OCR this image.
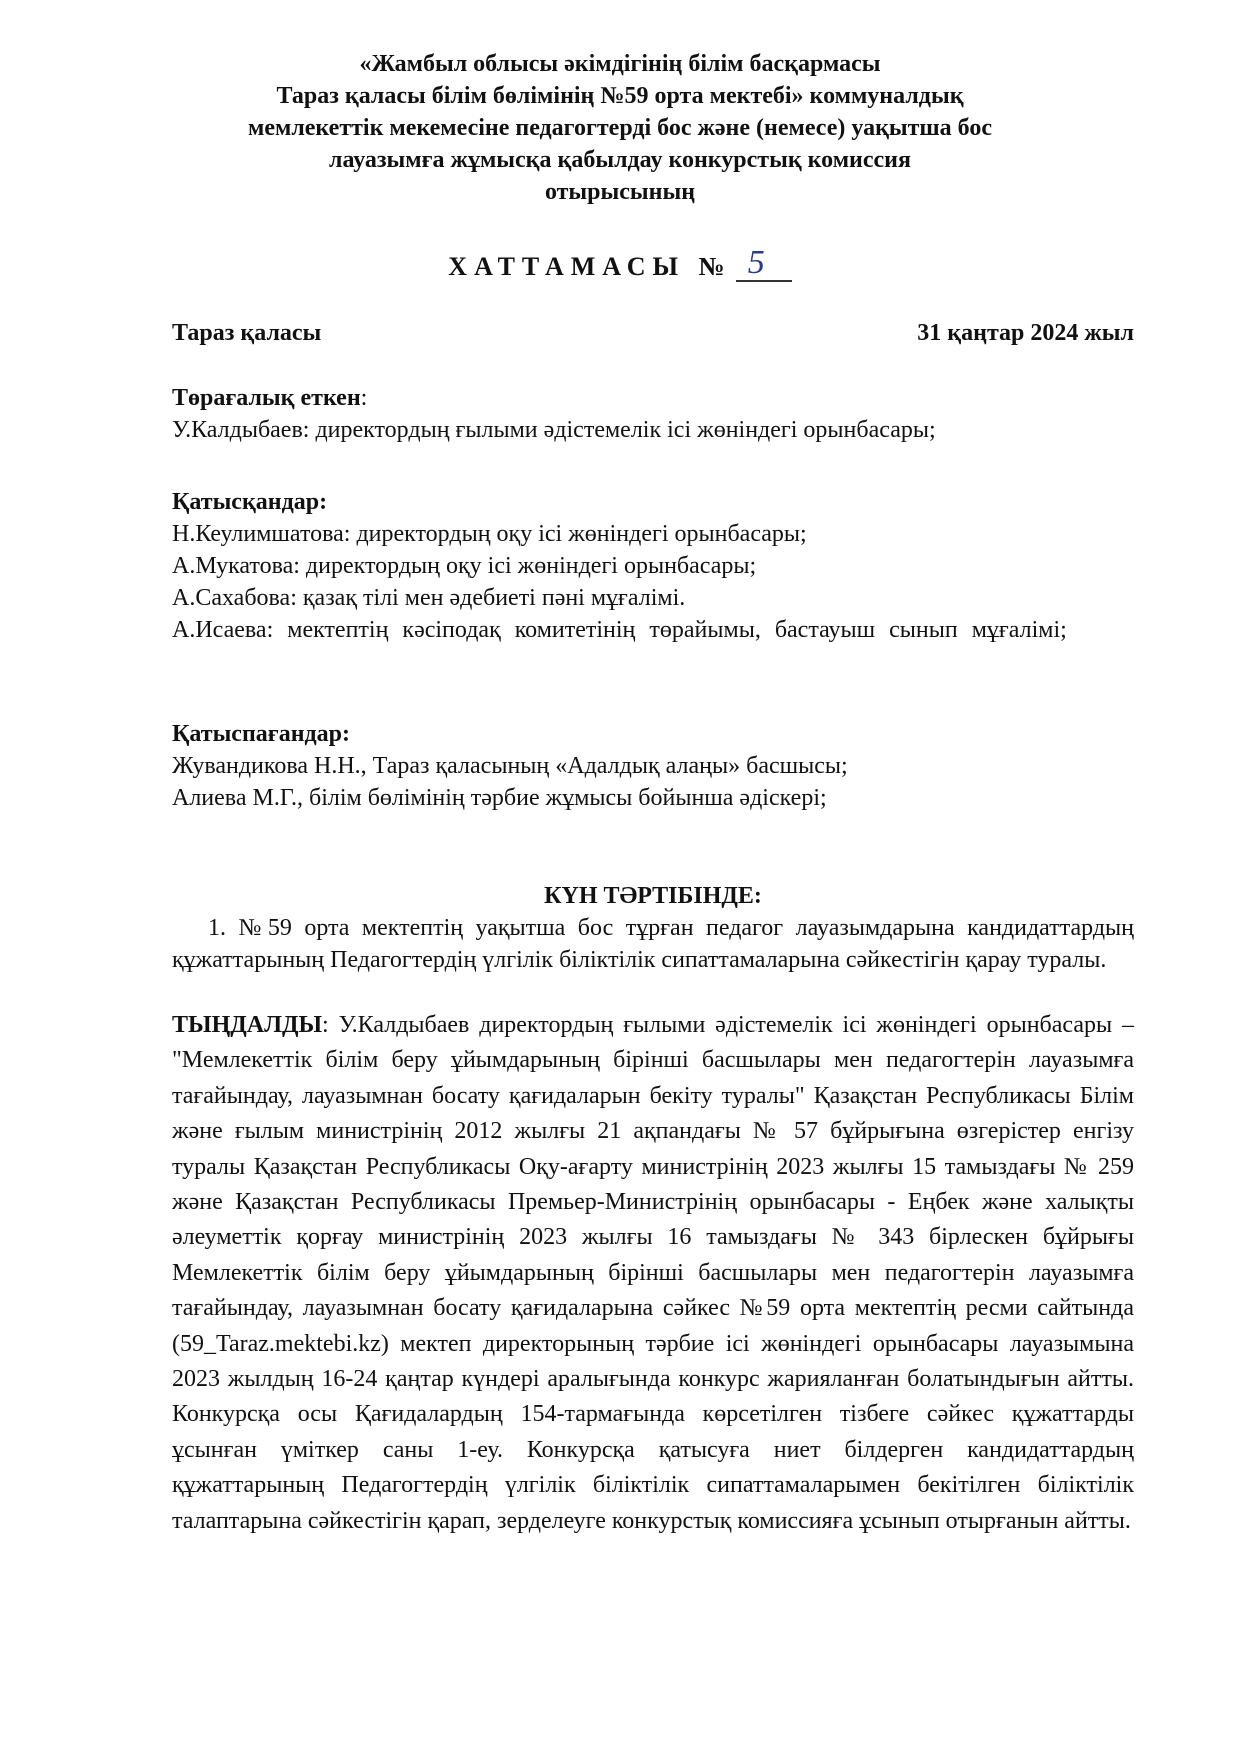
«Жамбыл облысы әкімдігінің білім басқармасы
Тараз қаласы білім бөлімінің №59 орта мектебі» коммуналдық
мемлекеттік мекемесіне педагогтерді бос және (немесе) уақытша бос
лауазымға жұмысқа қабылдау конкурстық комиссия
отырысының
ХАТТАМАСЫ № 5
Тараз қаласы	31 қаңтар 2024 жыл

Төрағалық еткен:

У.Калдыбаев: директордың ғылыми әдістемелік ісі жөніндегі орынбасары;

Қатысқандар:

Н.Кеулимшатова: директордың оқу ісі жөніндегі орынбасары;

А.Мукатова: директордың оқу ісі жөніндегі орынбасары;

А.Сахабова: қазақ тілі мен әдебиеті пәні мұғалімі.

А.Исаева: мектептің кәсіподақ комитетінің төрайымы, бастауыш сынып мұғалімі;

Қатыспағандар:

Жувандикова Н.Н., Тараз қаласының «Адалдық алаңы» басшысы;

Алиева М.Г., білім бөлімінің тәрбие жұмысы бойынша әдіскері;

КҮН ТӘРТІБІНДЕ:

1. №59 орта мектептің уақытша бос тұрған педагог лауазымдарына кандидаттардың құжаттарының Педагогтердің үлгілік біліктілік сипаттамаларына сәйкестігін қарау туралы.

ТЫҢДАЛДЫ: У.Калдыбаев директордың ғылыми әдістемелік ісі жөніндегі орынбасары – "Мемлекеттік білім беру ұйымдарының бірінші басшылары мен педагогтерін лауазымға тағайындау, лауазымнан босату қағидаларын бекіту туралы" Қазақстан Республикасы Білім және ғылым министрінің 2012 жылғы 21 ақпандағы № 57 бұйрығына өзгерістер енгізу туралы Қазақстан Республикасы Оқу-ағарту министрінің 2023 жылғы 15 тамыздағы № 259 және Қазақстан Республикасы Премьер-Министрінің орынбасары - Еңбек және халықты әлеуметтік қорғау министрінің 2023 жылғы 16 тамыздағы № 343 бірлескен бұйрығы Мемлекеттік білім беру ұйымдарының бірінші басшылары мен педагогтерін лауазымға тағайындау, лауазымнан босату қағидаларына сәйкес №59 орта мектептің ресми сайтында (59_Taraz.mektebi.kz) мектеп директорының тәрбие ісі жөніндегі орынбасары лауазымына 2023 жылдың 16-24 қаңтар күндері аралығында конкурс жарияланған болатындығын айтты. Конкурсқа осы Қағидалардың 154-тармағында көрсетілген тізбеге сәйкес құжаттарды ұсынған үміткер саны 1-еу. Конкурсқа қатысуға ниет білдерген кандидаттардың құжаттарының Педагогтердің үлгілік біліктілік сипаттамаларымен бекітілген біліктілік талаптарына сәйкестігін қарап, зерделеуге конкурстық комиссияға ұсынып отырғанын айтты.
